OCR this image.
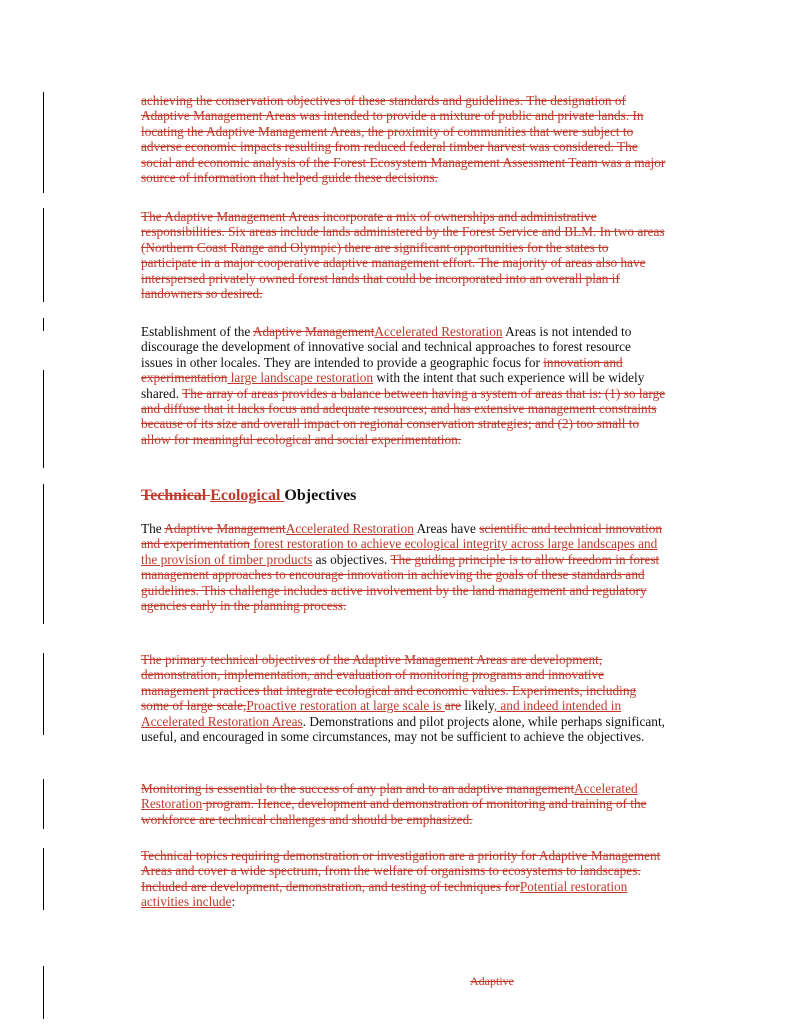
achieving the conservation objectives of these standards and guidelines. The designation of Adaptive Management Areas was intended to provide a mixture of public and private lands. In locating the Adaptive Management Areas, the proximity of communities that were subject to adverse economic impacts resulting from reduced federal timber harvest was considered. The social and economic analysis of the Forest Ecosystem Management Assessment Team was a major source of information that helped guide these decisions.
The Adaptive Management Areas incorporate a mix of ownerships and administrative responsibilities. Six areas include lands administered by the Forest Service and BLM. In two areas (Northern Coast Range and Olympic) there are significant opportunities for the states to participate in a major cooperative adaptive management effort. The majority of areas also have interspersed privately owned forest lands that could be incorporated into an overall plan if landowners so desired.
Establishment of the Adaptive ManagementAccelerated Restoration Areas is not intended to discourage the development of innovative social and technical approaches to forest resource issues in other locales. They are intended to provide a geographic focus for innovation and experimentation large landscape restoration with the intent that such experience will be widely shared. The array of areas provides a balance between having a system of areas that is: (1) so large and diffuse that it lacks focus and adequate resources; and has extensive management constraints because of its size and overall impact on regional conservation strategies; and (2) too small to allow for meaningful ecological and social experimentation.
Technical Ecological Objectives
The Adaptive ManagementAccelerated Restoration Areas have scientific and technical innovation and experimentation forest restoration to achieve ecological integrity across large landscapes and the provision of timber products as objectives. The guiding principle is to allow freedom in forest management approaches to encourage innovation in achieving the goals of these standards and guidelines. This challenge includes active involvement by the land management and regulatory agencies early in the planning process.
The primary technical objectives of the Adaptive Management Areas are development, demonstration, implementation, and evaluation of monitoring programs and innovative management practices that integrate ecological and economic values. Experiments, including some of large scale,Proactive restoration at large scale is are likely, and indeed intended in Accelerated Restoration Areas. Demonstrations and pilot projects alone, while perhaps significant, useful, and encouraged in some circumstances, may not be sufficient to achieve the objectives.
Monitoring is essential to the success of any plan and to an adaptive managementAccelerated Restoration program. Hence, development and demonstration of monitoring and training of the workforce are technical challenges and should be emphasized.
Technical topics requiring demonstration or investigation are a priority for Adaptive Management Areas and cover a wide spectrum, from the welfare of organisms to ecosystems to landscapes. Included are development, demonstration, and testing of techniques forPotential restoration activities include:
Adaptive
